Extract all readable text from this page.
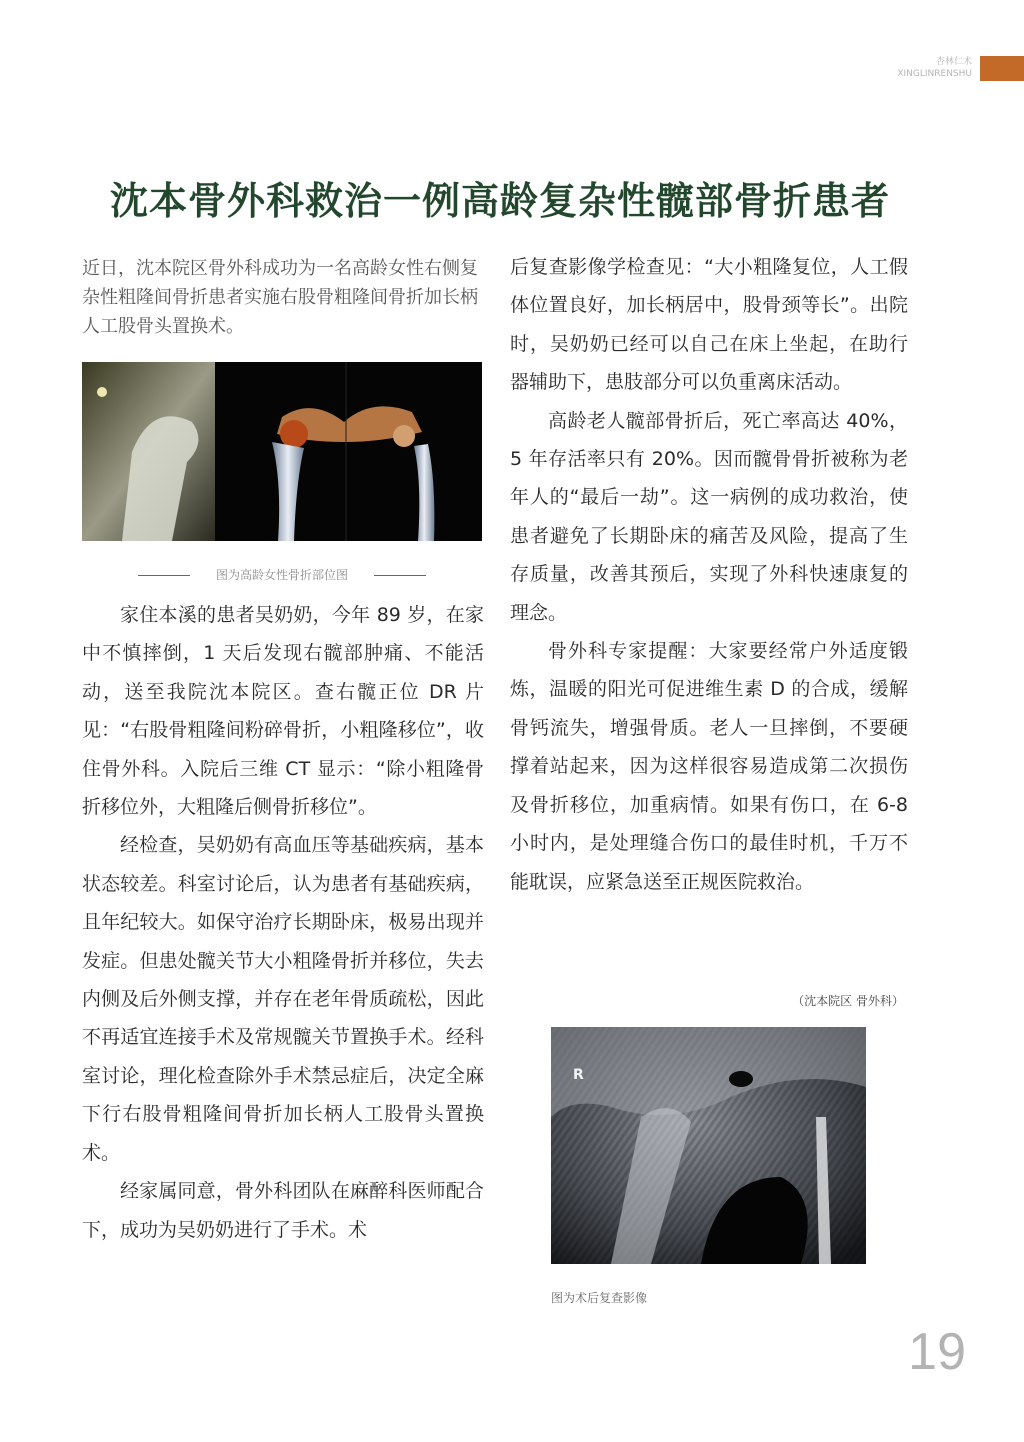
杏林仁术
XINGLINRENSHU
沈本骨外科救治一例高龄复杂性髋部骨折患者

近日，沈本院区骨外科成功为一名高龄女性右侧复杂性粗隆间骨折患者实施右股骨粗隆间骨折加长柄人工股骨头置换术。

图为高龄女性骨折部位图

家住本溪的患者吴奶奶，今年 89 岁，在家中不慎摔倒，1 天后发现右髋部肿痛、不能活动，送至我院沈本院区。查右髋正位 DR 片见：“右股骨粗隆间粉碎骨折，小粗隆移位”，收住骨外科。入院后三维 CT 显示：“除小粗隆骨折移位外，大粗隆后侧骨折移位”。

经检查，吴奶奶有高血压等基础疾病，基本状态较差。科室讨论后，认为患者有基础疾病，且年纪较大。如保守治疗长期卧床，极易出现并发症。但患处髋关节大小粗隆骨折并移位，失去内侧及后外侧支撑，并存在老年骨质疏松，因此不再适宜连接手术及常规髋关节置换手术。经科室讨论，理化检查除外手术禁忌症后，决定全麻下行右股骨粗隆间骨折加长柄人工股骨头置换术。

经家属同意，骨外科团队在麻醉科医师配合下，成功为吴奶奶进行了手术。术

后复查影像学检查见：“大小粗隆复位，人工假体位置良好，加长柄居中，股骨颈等长”。出院时，吴奶奶已经可以自己在床上坐起，在助行器辅助下，患肢部分可以负重离床活动。

高龄老人髋部骨折后，死亡率高达 40%，5 年存活率只有 20%。因而髋骨骨折被称为老年人的“最后一劫”。这一病例的成功救治，使患者避免了长期卧床的痛苦及风险，提高了生存质量，改善其预后，实现了外科快速康复的理念。

骨外科专家提醒：大家要经常户外适度锻炼，温暖的阳光可促进维生素 D 的合成，缓解骨钙流失，增强骨质。老人一旦摔倒，不要硬撑着站起来，因为这样很容易造成第二次损伤及骨折移位，加重病情。如果有伤口，在 6-8 小时内，是处理缝合伤口的最佳时机，千万不能耽误，应紧急送至正规医院救治。

（沈本院区 骨外科）
R
图为术后复查影像
19
